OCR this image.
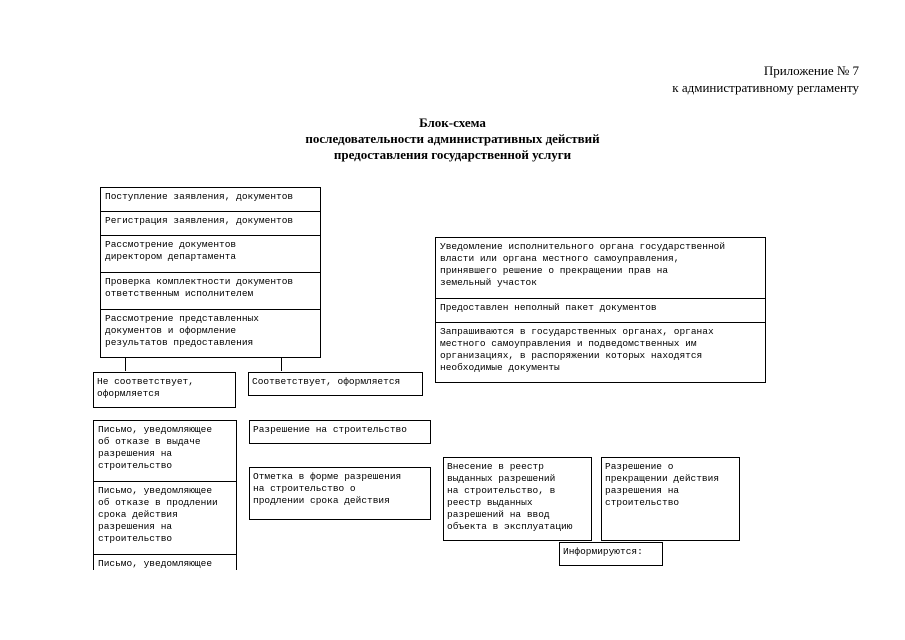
Приложение № 7
к административному регламенту
Блок-схема
последовательности административных действий
предоставления государственной услуги
Поступление заявления, документов
Регистрация заявления, документов
Рассмотрение документов
директором департамента
Проверка комплектности документов
ответственным исполнителем
Рассмотрение представленных
документов и оформление
результатов предоставления
Уведомление исполнительного органа государственной
власти или органа местного самоуправления,
принявшего решение о прекращении прав на
земельный участок
Предоставлен неполный пакет документов
Запрашиваются в государственных органах, органах
местного самоуправления и подведомственных им
организациях, в распоряжении которых находятся
необходимые документы
Не соответствует,
оформляется
Соответствует, оформляется
Письмо, уведомляющее
об отказе в выдаче
разрешения на
строительство
Письмо, уведомляющее
об отказе в продлении
срока действия
разрешения на
строительство
Письмо, уведомляющее
Разрешение на строительство
Отметка в форме разрешения
на строительство о
продлении срока действия
Внесение в реестр
выданных разрешений
на строительство, в
реестр выданных
разрешений на ввод
объекта в эксплуатацию
Разрешение о
прекращении действия
разрешения на
строительство
Информируются:
